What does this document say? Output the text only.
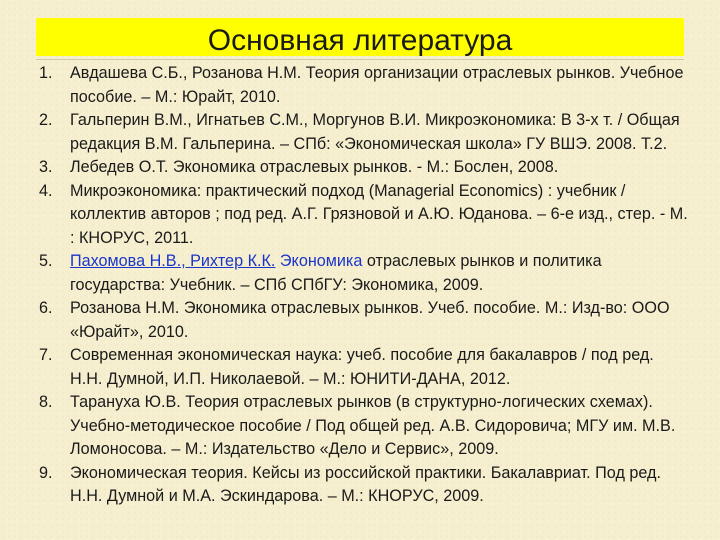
Основная литература
1. Авдашева С.Б., Розанова Н.М. Теория организации отраслевых рынков. Учебное пособие. – М.: Юрайт, 2010.
2. Гальперин В.М., Игнатьев С.М., Моргунов В.И. Микроэкономика: В 3-х т. / Общая редакция В.М. Гальперина. – СПб: «Экономическая школа» ГУ ВШЭ. 2008. Т.2.
3. Лебедев О.Т. Экономика отраслевых рынков. - М.: Бослен, 2008.
4. Микроэкономика: практический подход (Managerial Economics) : учебник / коллектив авторов ; под ред. А.Г. Грязновой и А.Ю. Юданова. – 6-е изд., стер. - М. : КНОРУС, 2011.
5. Пахомова Н.В., Рихтер К.К. Экономика отраслевых рынков и политика государства: Учебник. – СПб СПбГУ: Экономика, 2009.
6. Розанова Н.М. Экономика отраслевых рынков. Учеб. пособие. М.: Изд-во: ООО «Юрайт», 2010.
7. Современная экономическая наука: учеб. пособие для бакалавров / под ред. Н.Н. Думной, И.П. Николаевой. – М.: ЮНИТИ-ДАНА, 2012.
8. Тарануха Ю.В. Теория отраслевых рынков (в структурно-логических схемах). Учебно-методическое пособие / Под общей ред. А.В. Сидоровича; МГУ им. М.В. Ломоносова. – М.: Издательство «Дело и Сервис», 2009.
9. Экономическая теория. Кейсы из российской практики. Бакалавриат. Под ред. Н.Н. Думной и М.А. Эскиндарова. – М.: КНОРУС, 2009.
